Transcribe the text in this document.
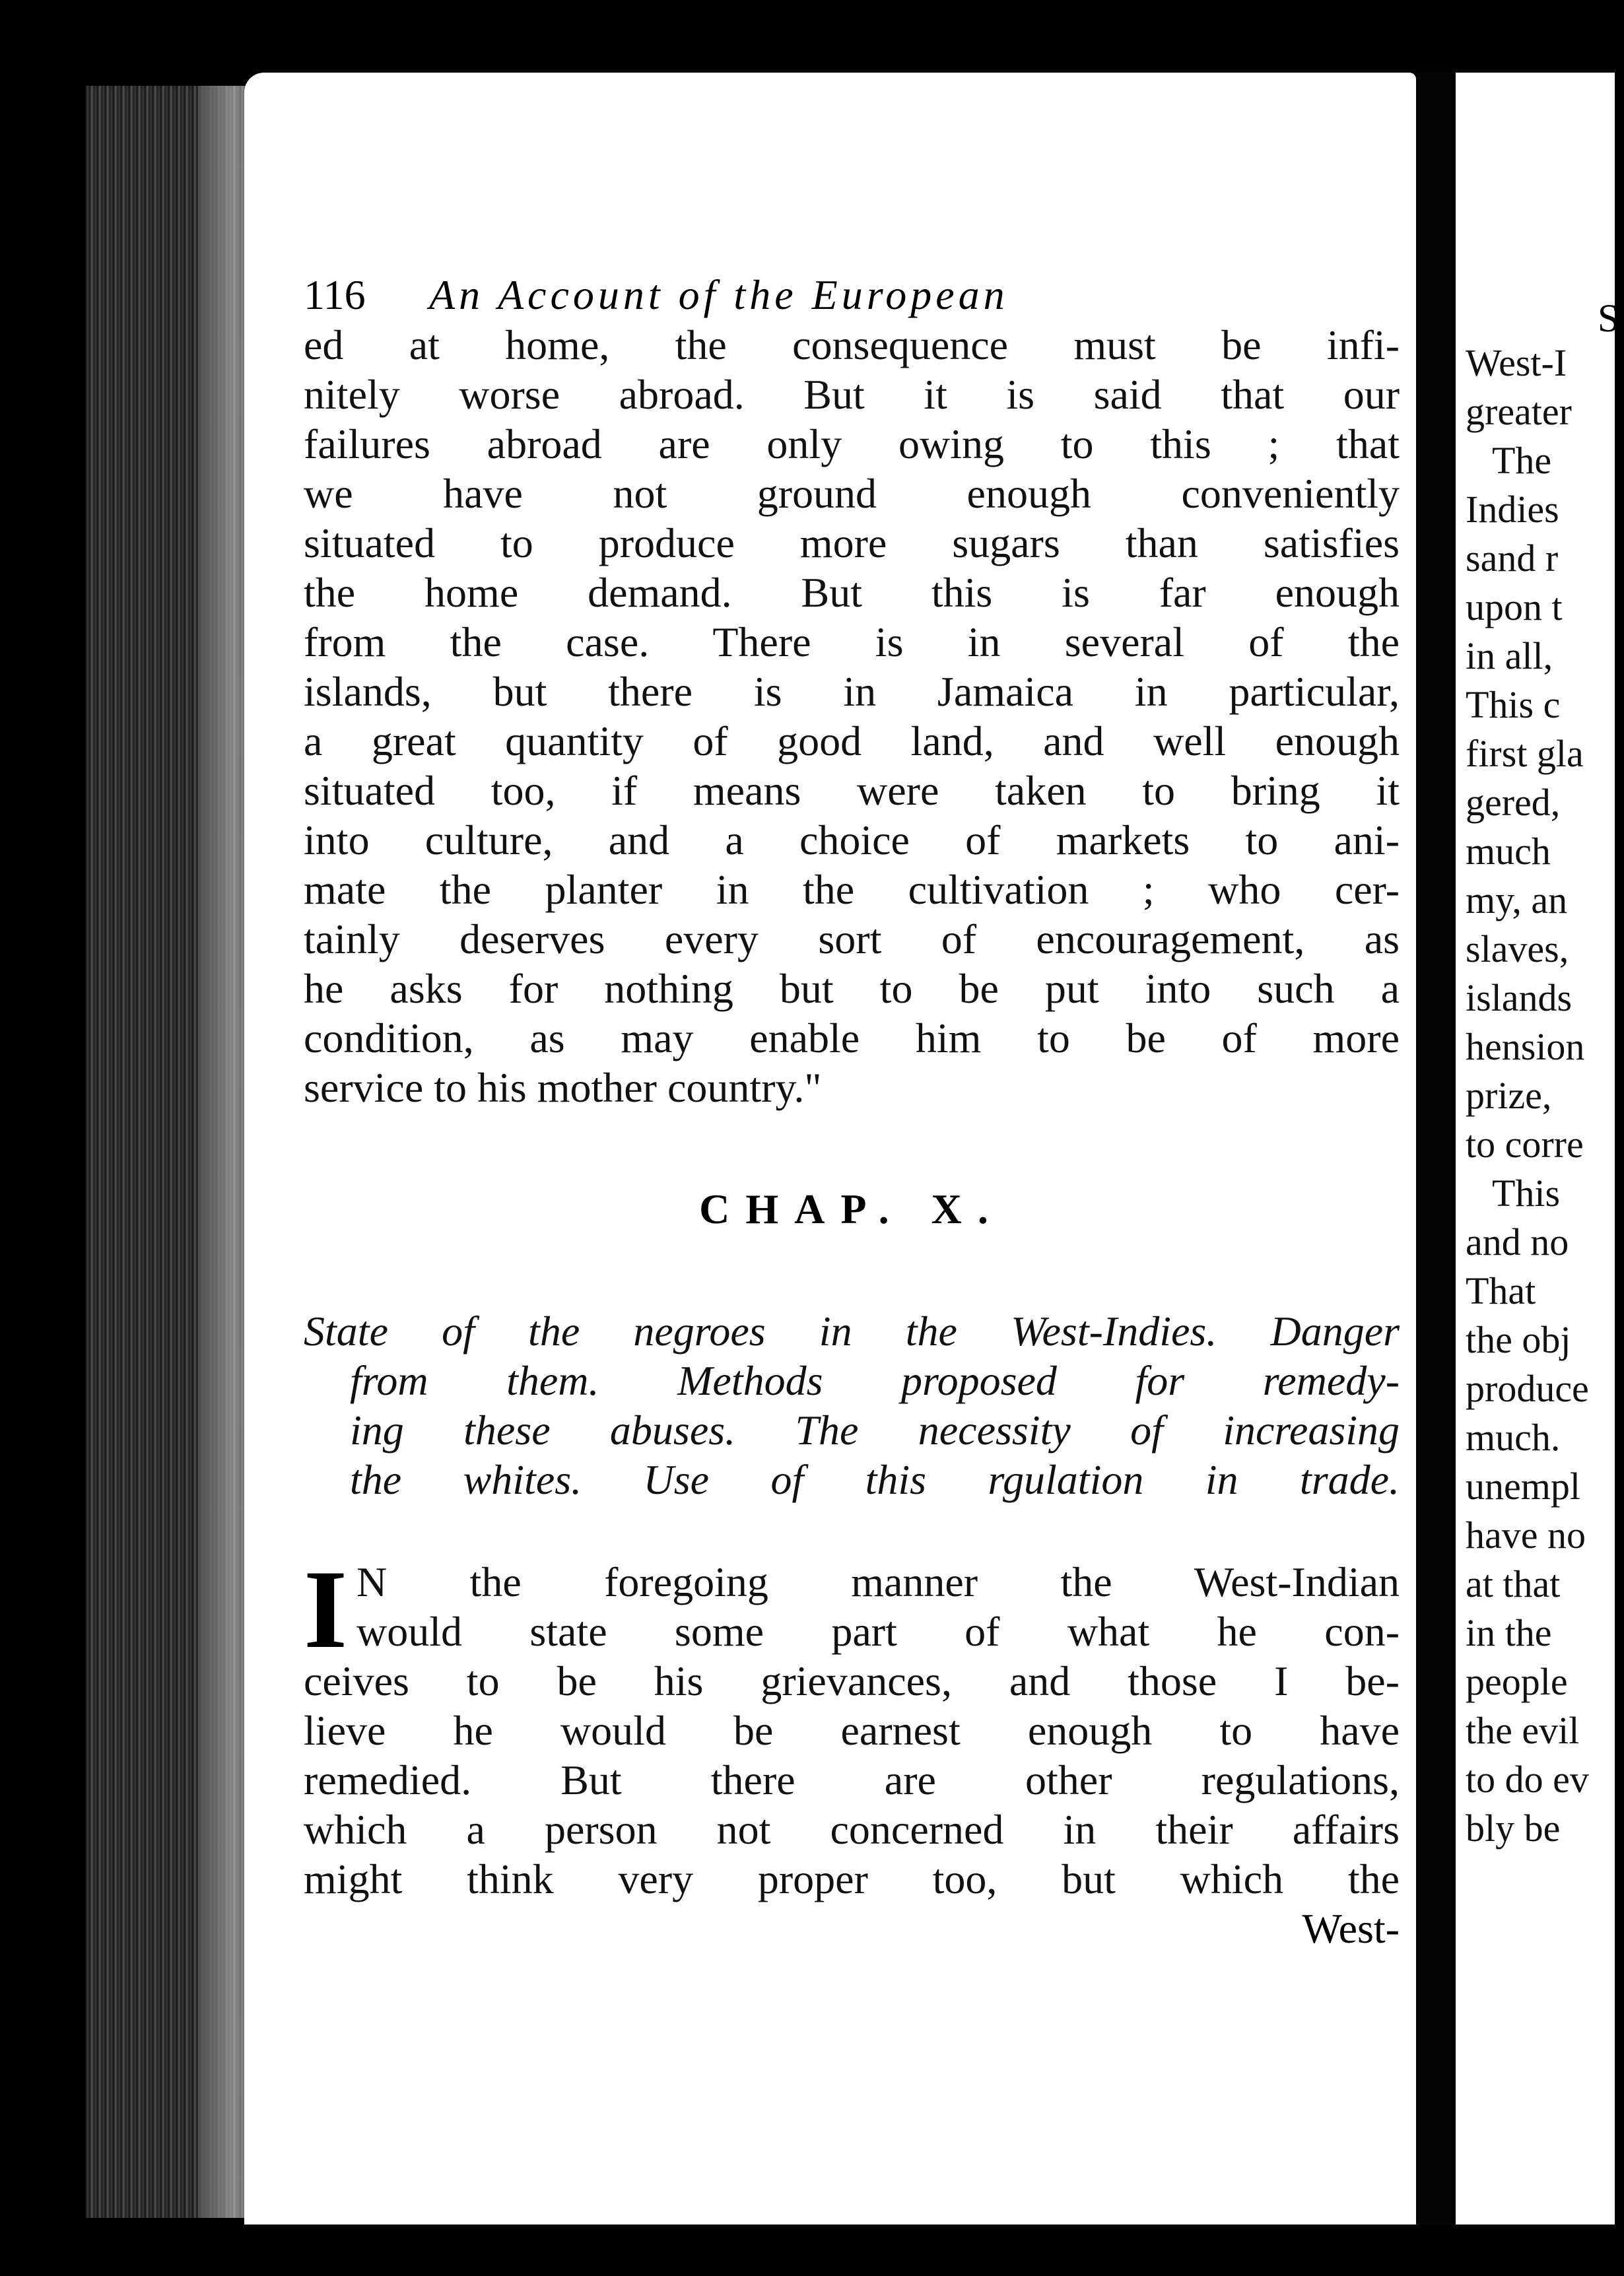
S
West-I
greater
The
Indies
sand r
upon t
in all,
This c
first gla
gered,
much
my, an
slaves,
islands
hension
prize,
to corre
This
and no
That
the obj
produce
much.
unempl
have no
at that
in the
people
the evil
to do ev
bly be
116	An Account of the European
ed at home, the consequence must be infi-
nitely worse abroad. But it is said that our
failures abroad are only owing to this ; that
we have not ground enough conveniently
situated to produce more sugars than satisfies
the home demand. But this is far enough
from the case. There is in several of the
islands, but there is in Jamaica in particular,
a great quantity of good land, and well enough
situated too, if means were taken to bring it
into culture, and a choice of markets to ani-
mate the planter in the cultivation ; who cer-
tainly deserves every sort of encouragement, as
he asks for nothing but to be put into such a
condition, as may enable him to be of more
service to his mother country."
CHAP. X.
State of the negroes in the West-Indies. Danger
from them. Methods proposed for remedy-
ing these abuses. The necessity of increasing
the whites. Use of this rgulation in trade.
I N the foregoing manner the West-Indian
would state some part of what he con-
ceives to be his grievances, and those I be-
lieve he would be earnest enough to have
remedied. But there are other regulations,
which a person not concerned in their affairs
might think very proper too, but which the
West-
